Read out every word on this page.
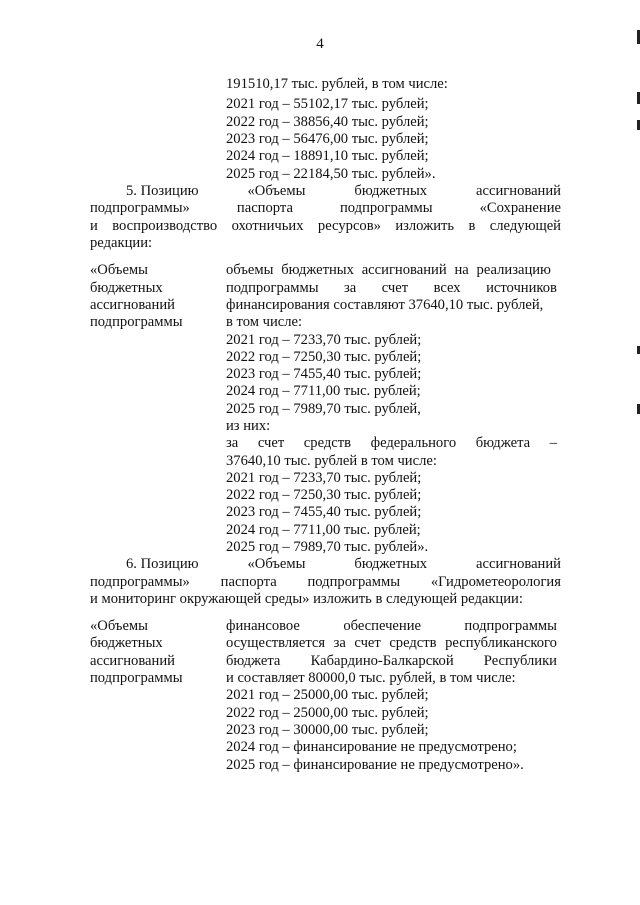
4
191510,17 тыс. рублей, в том числе:
2021 год – 55102,17 тыс. рублей;
2022 год – 38856,40 тыс. рублей;
2023 год – 56476,00 тыс. рублей;
2024 год – 18891,10 тыс. рублей;
2025 год – 22184,50 тыс. рублей».
5. Позицию	«Объемы	бюджетных	ассигнований
подпрограммы»	паспорта	подпрограммы	«Сохранение
и воспроизводство охотничьих ресурсов» изложить в следующей
редакции:
«Объемы
бюджетных
ассигнований
подпрограммы
объемы бюджетных ассигнований на реализацию
подпрограммы за счет всех источников
финансирования составляют 37640,10 тыс. рублей,
в том числе:
2021 год – 7233,70 тыс. рублей;
2022 год – 7250,30 тыс. рублей;
2023 год – 7455,40 тыс. рублей;
2024 год – 7711,00 тыс. рублей;
2025 год – 7989,70 тыс. рублей,
из них:
за счет средств федерального бюджета –
37640,10 тыс. рублей в том числе:
2021 год – 7233,70 тыс. рублей;
2022 год – 7250,30 тыс. рублей;
2023 год – 7455,40 тыс. рублей;
2024 год – 7711,00 тыс. рублей;
2025 год – 7989,70 тыс. рублей».
6. Позицию	«Объемы	бюджетных	ассигнований
подпрограммы» паспорта подпрограммы «Гидрометеорология
и мониторинг окружающей среды» изложить в следующей редакции:
«Объемы
бюджетных
ассигнований
подпрограммы
финансовое	обеспечение	подпрограммы
осуществляется за счет средств республиканского
бюджета Кабардино-Балкарской Республики
и составляет 80000,0 тыс. рублей, в том числе:
2021 год – 25000,00 тыс. рублей;
2022 год – 25000,00 тыс. рублей;
2023 год – 30000,00 тыс. рублей;
2024 год – финансирование не предусмотрено;
2025 год – финансирование не предусмотрено».
